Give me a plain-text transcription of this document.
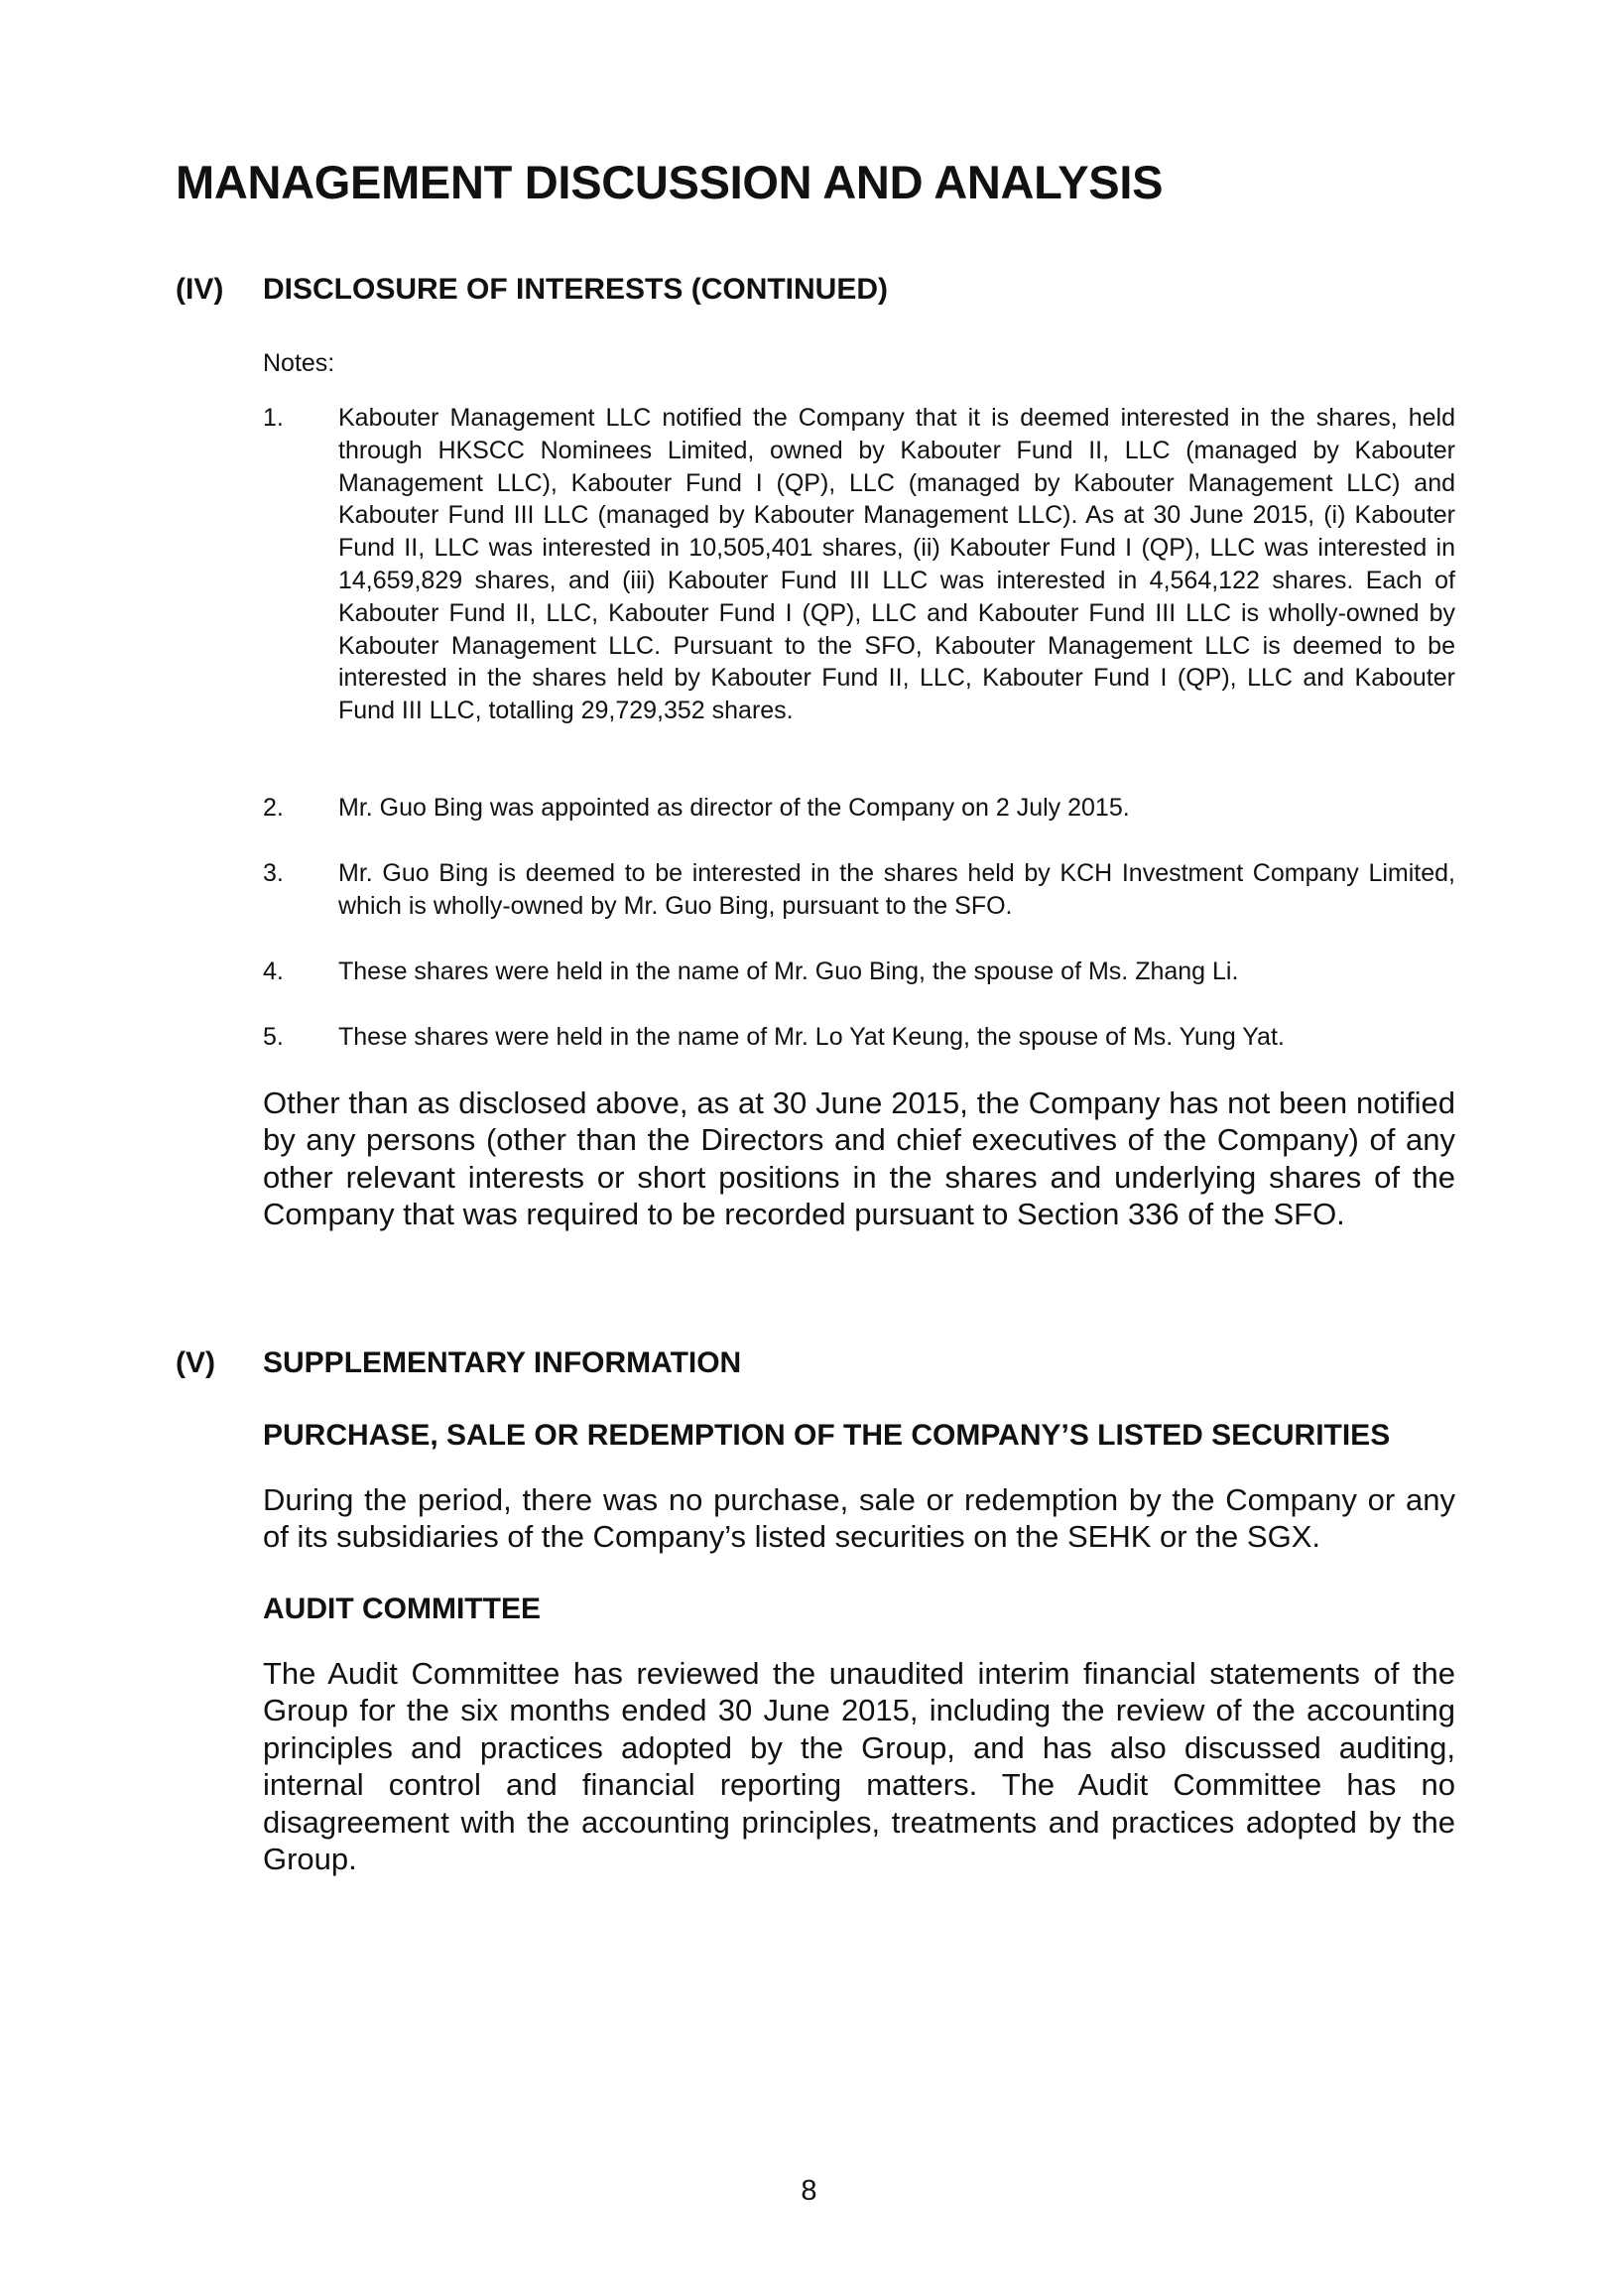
MANAGEMENT DISCUSSION AND ANALYSIS
(IV) DISCLOSURE OF INTERESTS (CONTINUED)
Notes:
1. Kabouter Management LLC notified the Company that it is deemed interested in the shares, held through HKSCC Nominees Limited, owned by Kabouter Fund II, LLC (managed by Kabouter Management LLC), Kabouter Fund I (QP), LLC (managed by Kabouter Management LLC) and Kabouter Fund III LLC (managed by Kabouter Management LLC). As at 30 June 2015, (i) Kabouter Fund II, LLC was interested in 10,505,401 shares, (ii) Kabouter Fund I (QP), LLC was interested in 14,659,829 shares, and (iii) Kabouter Fund III LLC was interested in 4,564,122 shares. Each of Kabouter Fund II, LLC, Kabouter Fund I (QP), LLC and Kabouter Fund III LLC is wholly-owned by Kabouter Management LLC. Pursuant to the SFO, Kabouter Management LLC is deemed to be interested in the shares held by Kabouter Fund II, LLC, Kabouter Fund I (QP), LLC and Kabouter Fund III LLC, totalling 29,729,352 shares.

2. Mr. Guo Bing was appointed as director of the Company on 2 July 2015.

3. Mr. Guo Bing is deemed to be interested in the shares held by KCH Investment Company Limited, which is wholly-owned by Mr. Guo Bing, pursuant to the SFO.

4. These shares were held in the name of Mr. Guo Bing, the spouse of Ms. Zhang Li.

5. These shares were held in the name of Mr. Lo Yat Keung, the spouse of Ms. Yung Yat.

Other than as disclosed above, as at 30 June 2015, the Company has not been notified by any persons (other than the Directors and chief executives of the Company) of any other relevant interests or short positions in the shares and underlying shares of the Company that was required to be recorded pursuant to Section 336 of the SFO.

(V) SUPPLEMENTARY INFORMATION
PURCHASE, SALE OR REDEMPTION OF THE COMPANY’S LISTED SECURITIES

During the period, there was no purchase, sale or redemption by the Company or any of its subsidiaries of the Company’s listed securities on the SEHK or the SGX.

AUDIT COMMITTEE

The Audit Committee has reviewed the unaudited interim financial statements of the Group for the six months ended 30 June 2015, including the review of the accounting principles and practices adopted by the Group, and has also discussed auditing, internal control and financial reporting matters. The Audit Committee has no disagreement with the accounting principles, treatments and practices adopted by the Group.

8
